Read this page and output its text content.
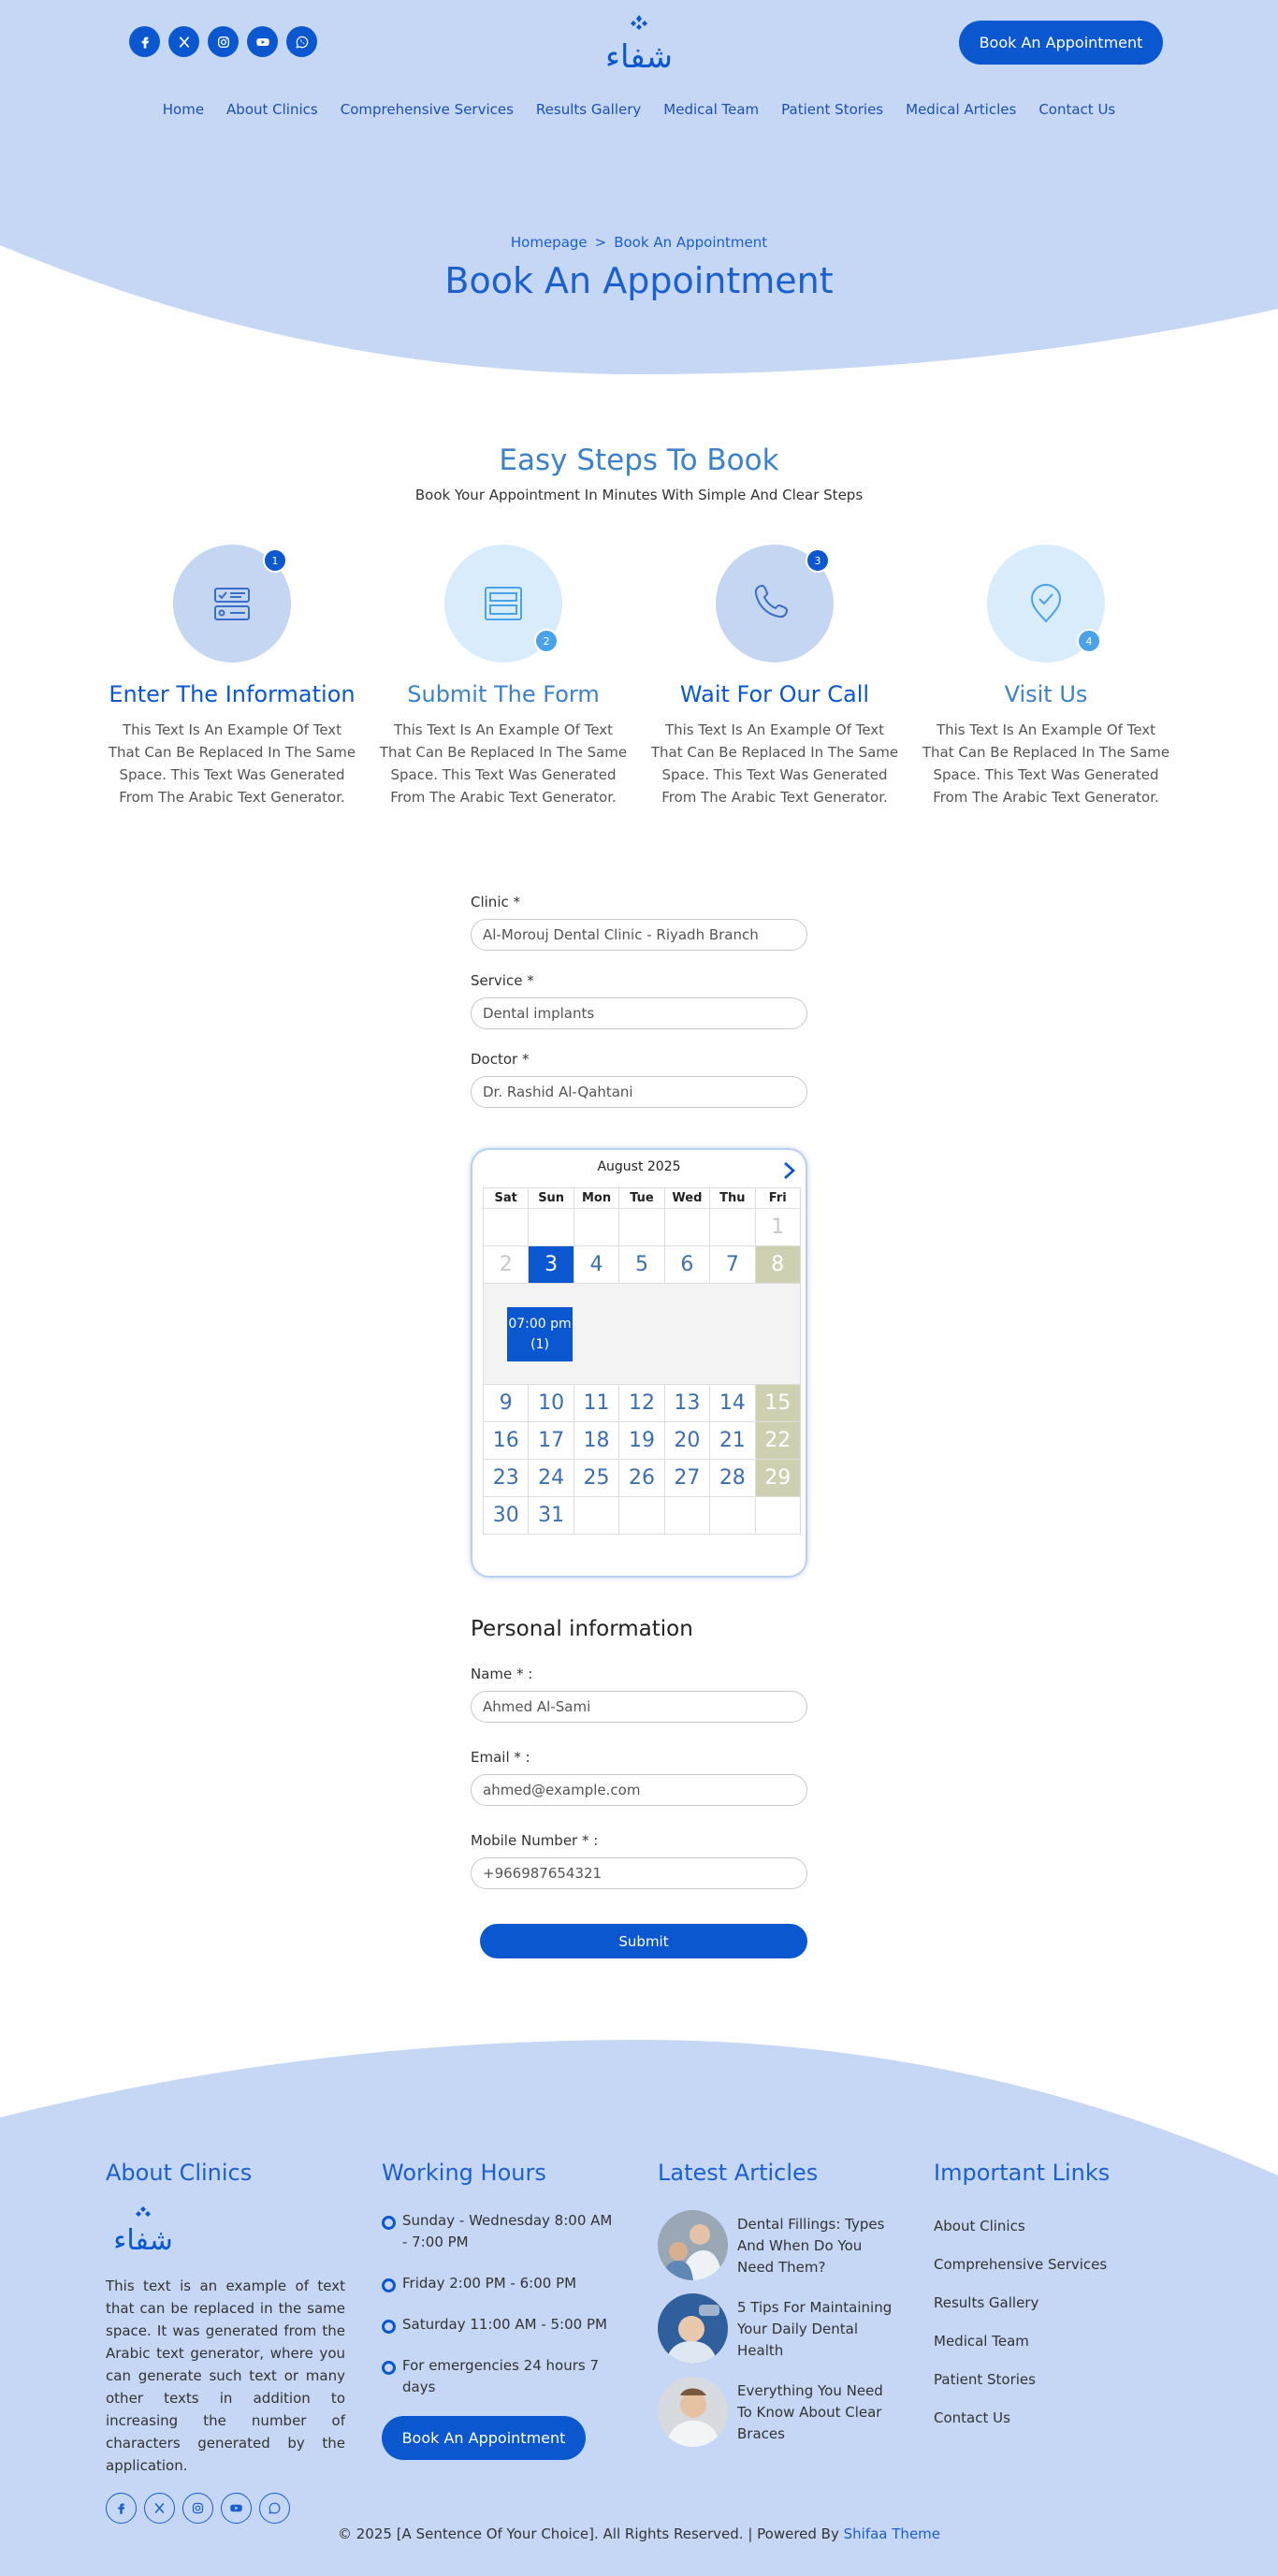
شفاء	Book An Appointment
Home About Clinics Comprehensive Services Results Gallery Medical Team Patient Stories Medical Articles Contact Us
Homepage > Book An Appointment
Book An Appointment
Easy Steps To Book

Book Your Appointment In Minutes With Simple And Clear Steps

1
Enter The Information

This Text Is An Example Of Text That Can Be Replaced In The Same Space. This Text Was Generated From The Arabic Text Generator.

2
Submit The Form

This Text Is An Example Of Text That Can Be Replaced In The Same Space. This Text Was Generated From The Arabic Text Generator.

3
Wait For Our Call

This Text Is An Example Of Text That Can Be Replaced In The Same Space. This Text Was Generated From The Arabic Text Generator.

4
Visit Us

This Text Is An Example Of Text That Can Be Replaced In The Same Space. This Text Was Generated From The Arabic Text Generator.

Clinic *
Al-Morouj Dental Clinic - Riyadh Branch
Service *
Dental implants
Doctor *
Dr. Rashid Al-Qahtani
August 2025
Sat	Sun	Mon	Tue	Wed	Thu	Fri
						1
2	3	4	5	6	7	8

07:00 pm
(1)						

9	10	11	12	13	14	15
16	17	18	19	20	21	22
23	24	25	26	27	28	29
30	31					
Personal information
Name * :
Ahmed Al-Sami
Email * :
ahmed@example.com
Mobile Number * :
+966987654321
Submit
About Clinics
شفاء

This text is an example of text that can be replaced in the same space. It was generated from the Arabic text generator, where you can generate such text or many other texts in addition to increasing the number of characters generated by the application.

Working Hours
Sunday - Wednesday 8:00 AM - 7:00 PM
Friday 2:00 PM - 6:00 PM
Saturday 11:00 AM - 5:00 PM
For emergencies 24 hours 7 days
Book An Appointment
Latest Articles

Dental Fillings: Types And When Do You Need Them?

5 Tips For Maintaining Your Daily Dental Health

Everything You Need To Know About Clear Braces

Important Links
About Clinics
Comprehensive Services
Results Gallery
Medical Team
Patient Stories
Contact Us
© 2025 [A Sentence Of Your Choice]. All Rights Reserved. | Powered By Shifaa Theme
